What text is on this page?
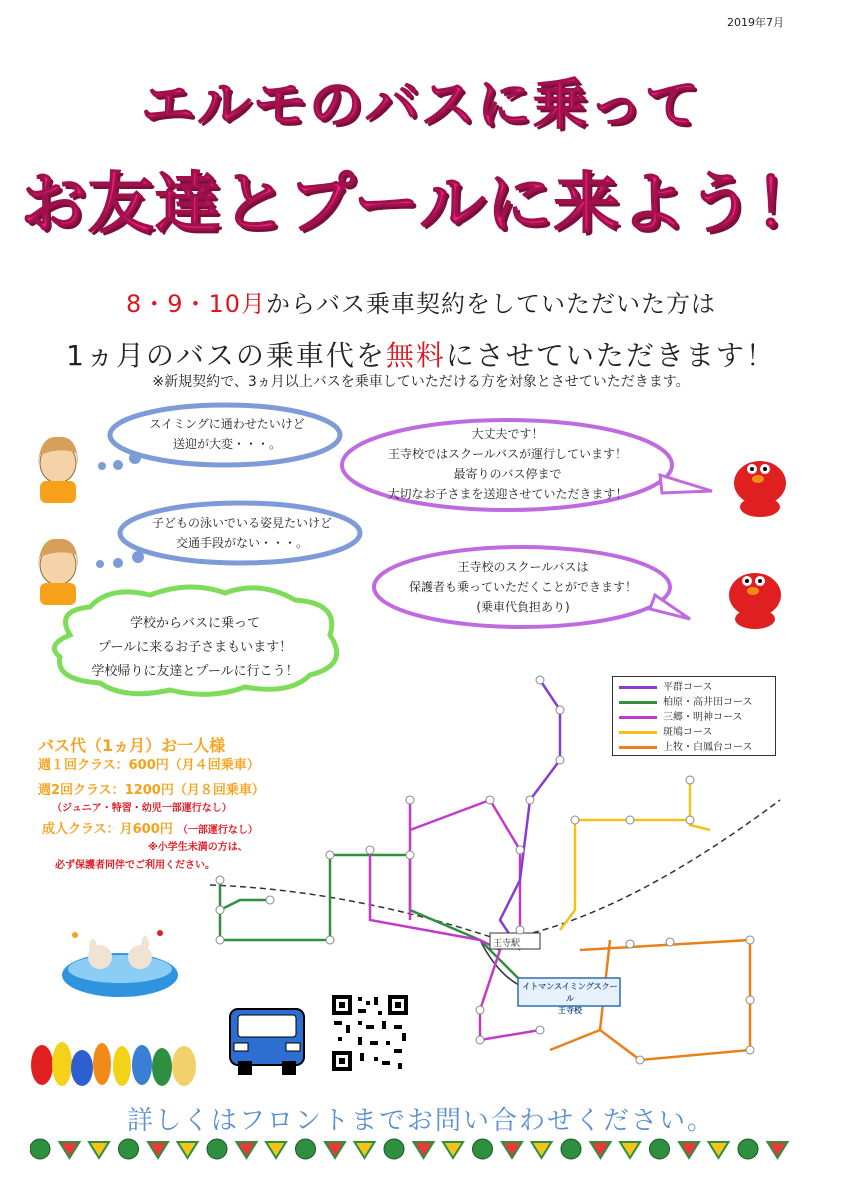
2019年7月
エルモのバスに乗って
お友達とプールに来よう！
8・9・10月からバス乗車契約をしていただいた方は
1ヵ月のバスの乗車代を無料にさせていただきます！
※新規契約で、3ヵ月以上バスを乗車していただける方を対象とさせていただきます。
スイミングに通わせたいけど
送迎が大変・・・。
大丈夫です！
王寺校ではスクールバスが運行しています！
最寄りのバス停まで
大切なお子さまを送迎させていただきます！
子どもの泳いでいる姿見たいけど
交通手段がない・・・。
王寺校のスクールバスは
保護者も乗っていただくことができます！
(乗車代負担あり)
学校からバスに乗って
プールに来るお子さまもいます！
学校帰りに友達とプールに行こう！
バス代（1ヵ月）お一人様
週１回クラス：600円（月４回乗車）
週2回クラス：1200円（月８回乗車）
（ジュニア・特習・幼児一部運行なし）
成人クラス：月600円 （一部運行なし）
※小学生未満の方は、
必ず保護者同伴でご利用ください。
平群コース
柏原・高井田コース
三郷・明神コース
斑鳩コース
上牧・白鳳台コース
王寺駅
イトマンスイミングスクール
王寺校
詳しくはフロントまでお問い合わせください。
